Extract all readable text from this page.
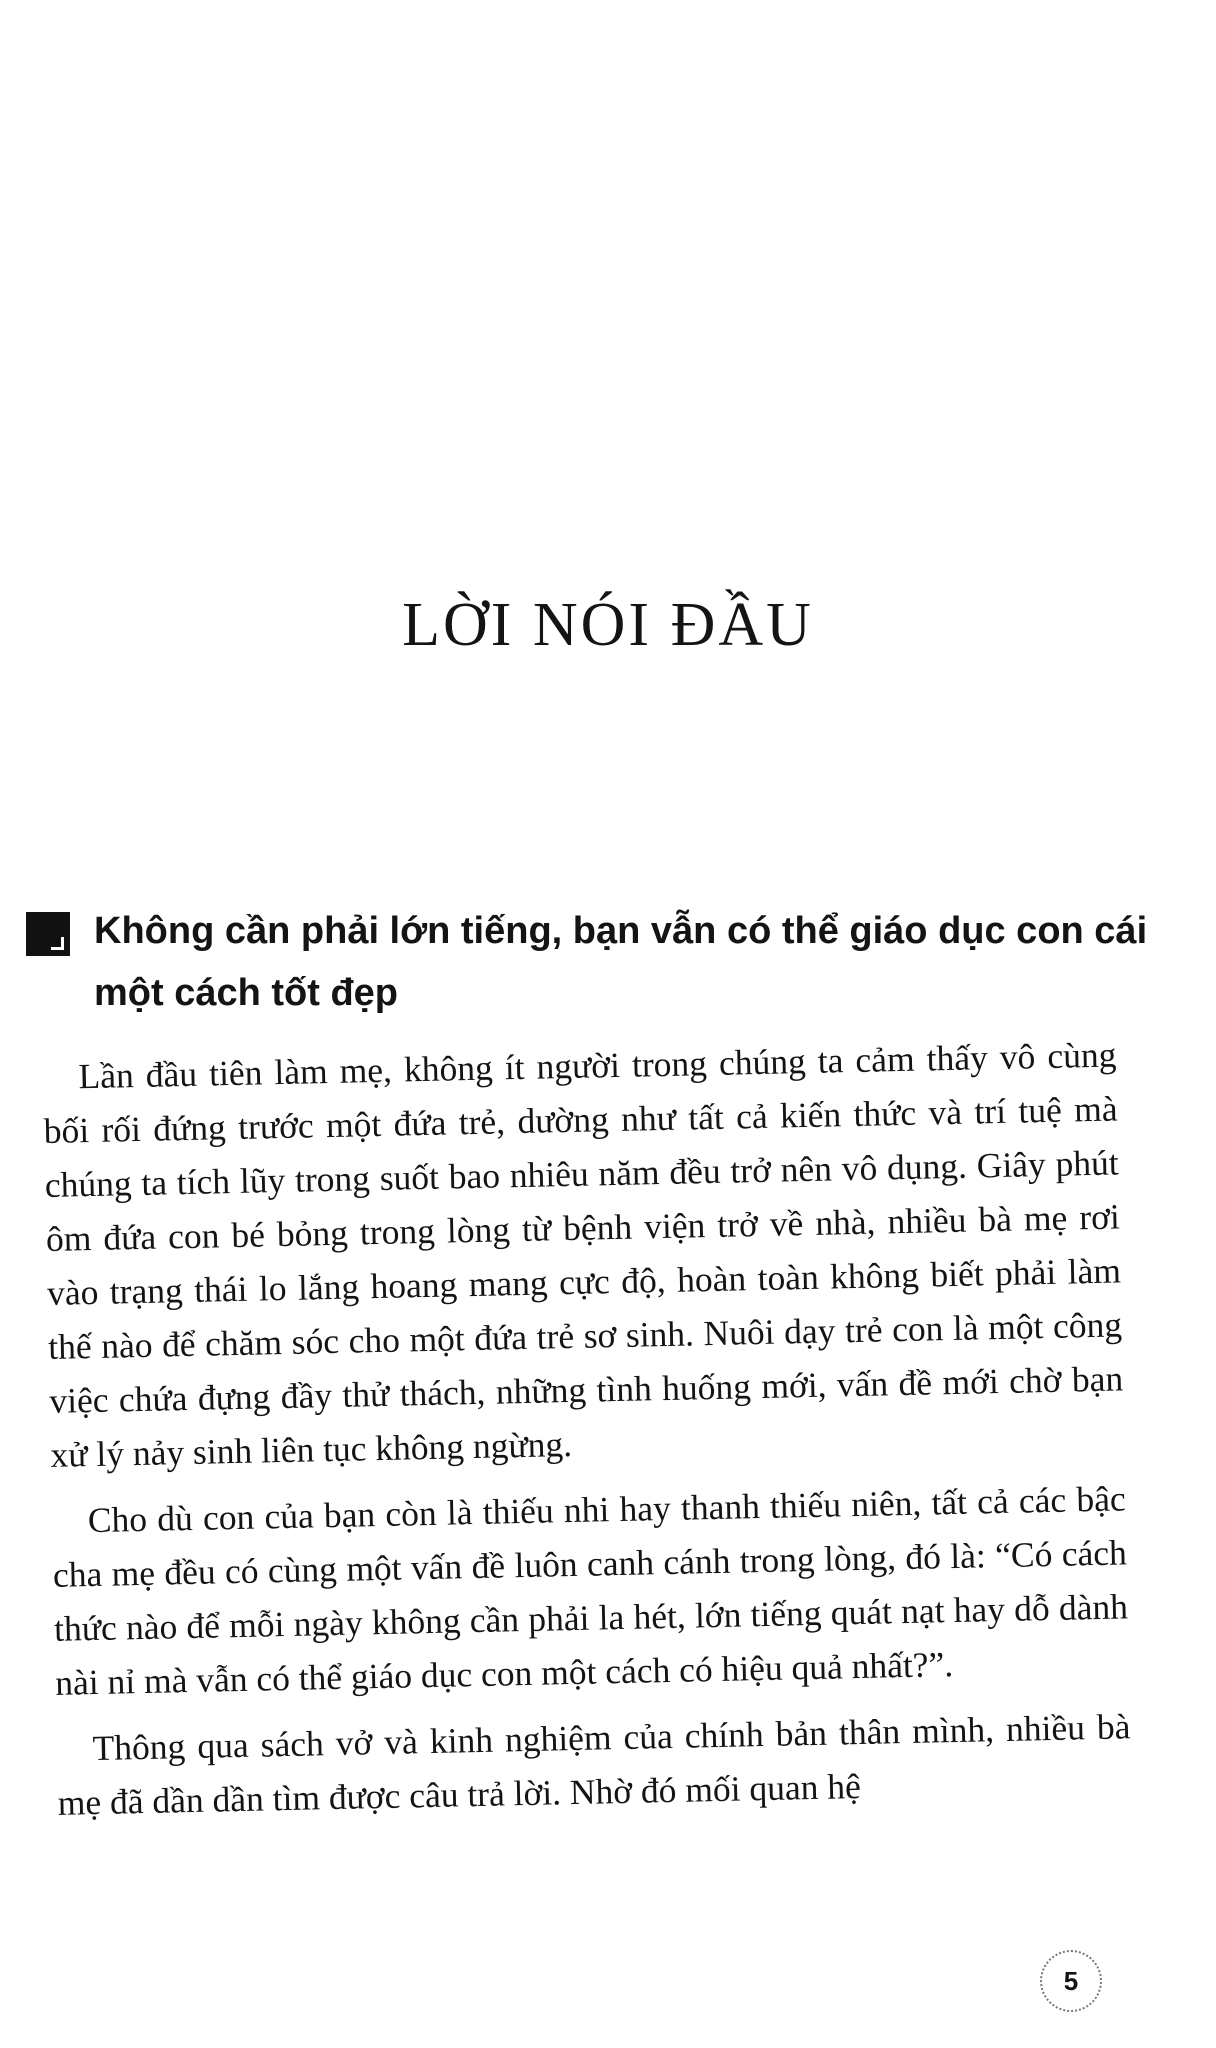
LỜI NÓI ĐẦU
Không cần phải lớn tiếng, bạn vẫn có thể giáo dục con cái một cách tốt đẹp

Lần đầu tiên làm mẹ, không ít người trong chúng ta cảm thấy vô cùng bối rối đứng trước một đứa trẻ, dường như tất cả kiến thức và trí tuệ mà chúng ta tích lũy trong suốt bao nhiêu năm đều trở nên vô dụng. Giây phút ôm đứa con bé bỏng trong lòng từ bệnh viện trở về nhà, nhiều bà mẹ rơi vào trạng thái lo lắng hoang mang cực độ, hoàn toàn không biết phải làm thế nào để chăm sóc cho một đứa trẻ sơ sinh. Nuôi dạy trẻ con là một công việc chứa đựng đầy thử thách, những tình huống mới, vấn đề mới chờ bạn xử lý nảy sinh liên tục không ngừng.

Cho dù con của bạn còn là thiếu nhi hay thanh thiếu niên, tất cả các bậc cha mẹ đều có cùng một vấn đề luôn canh cánh trong lòng, đó là: “Có cách thức nào để mỗi ngày không cần phải la hét, lớn tiếng quát nạt hay dỗ dành nài nỉ mà vẫn có thể giáo dục con một cách có hiệu quả nhất?”.

Thông qua sách vở và kinh nghiệm của chính bản thân mình, nhiều bà mẹ đã dần dần tìm được câu trả lời. Nhờ đó mối quan hệ

5
